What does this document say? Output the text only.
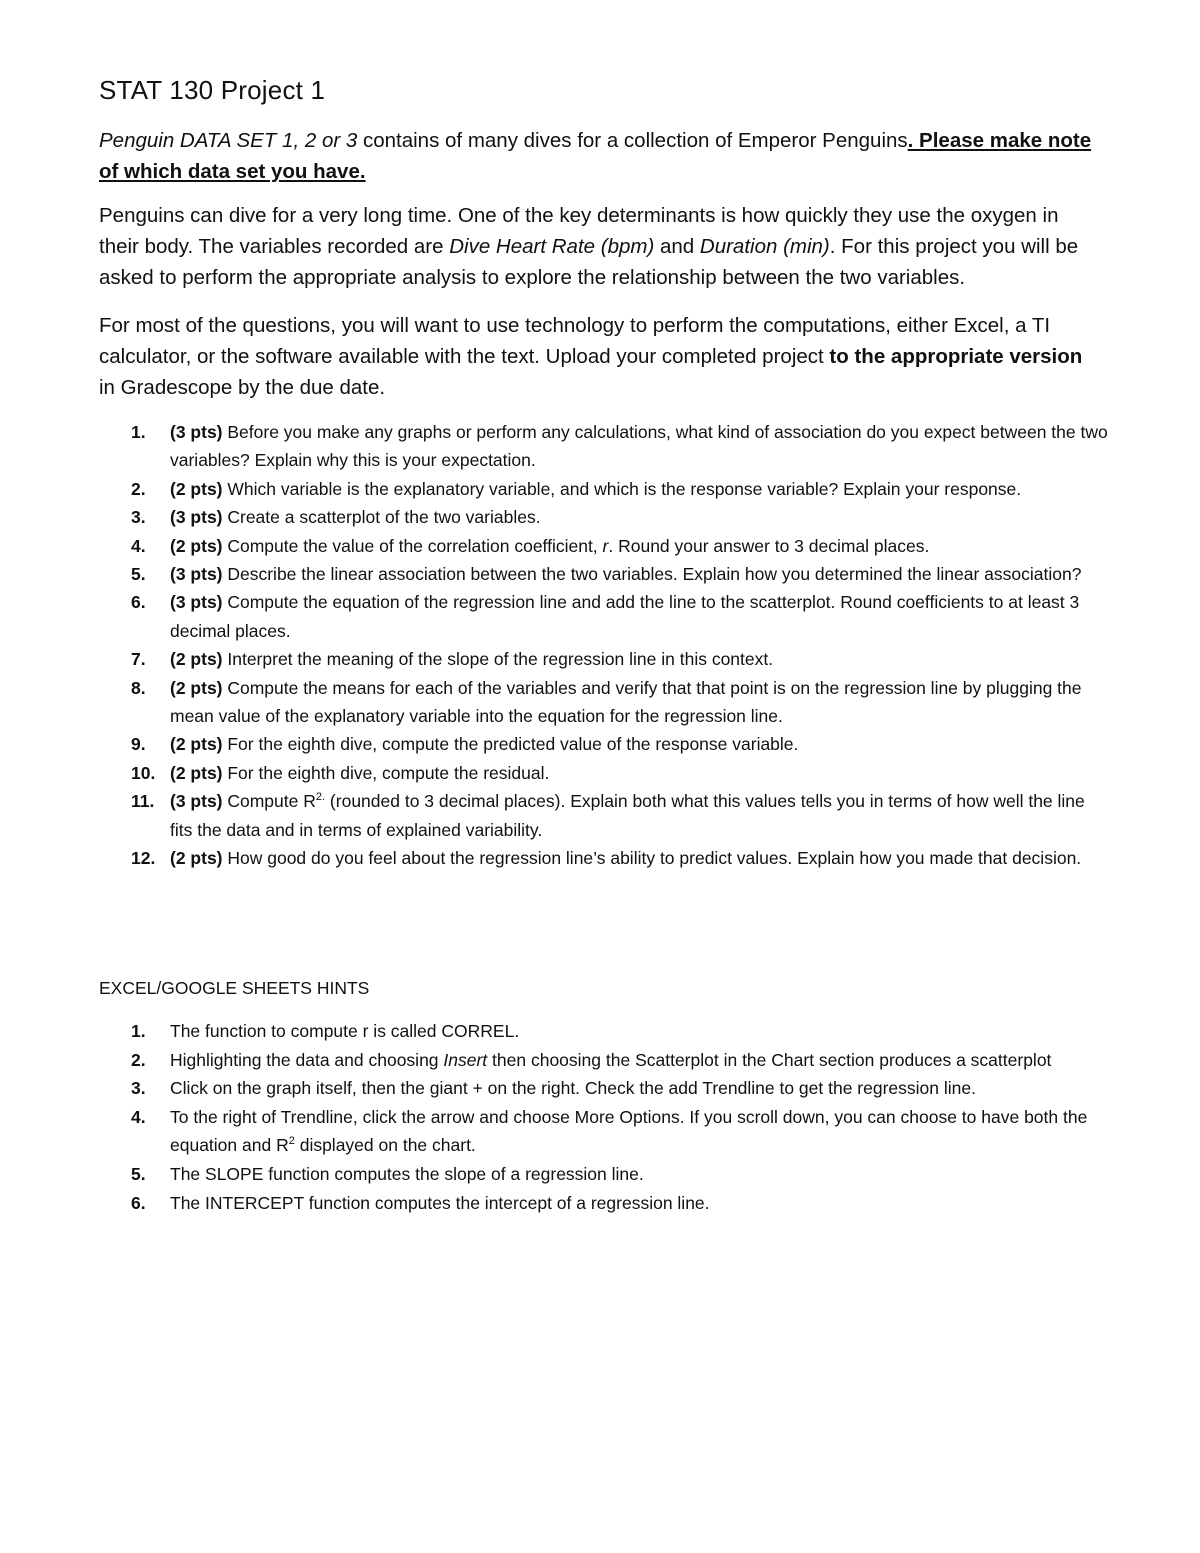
STAT 130 Project 1
Penguin DATA SET 1, 2 or 3 contains of many dives for a collection of Emperor Penguins. Please make note of which data set you have.
Penguins can dive for a very long time. One of the key determinants is how quickly they use the oxygen in their body. The variables recorded are Dive Heart Rate (bpm) and Duration (min). For this project you will be asked to perform the appropriate analysis to explore the relationship between the two variables.
For most of the questions, you will want to use technology to perform the computations, either Excel, a TI calculator, or the software available with the text. Upload your completed project to the appropriate version in Gradescope by the due date.
1.	(3 pts) Before you make any graphs or perform any calculations, what kind of association do you expect between the two variables? Explain why this is your expectation.
2.	(2 pts) Which variable is the explanatory variable, and which is the response variable? Explain your response.
3.	(3 pts) Create a scatterplot of the two variables.
4.	(2 pts) Compute the value of the correlation coefficient, r. Round your answer to 3 decimal places.
5.	(3 pts) Describe the linear association between the two variables. Explain how you determined the linear association?
6.	(3 pts) Compute the equation of the regression line and add the line to the scatterplot. Round coefficients to at least 3 decimal places.
7.	(2 pts) Interpret the meaning of the slope of the regression line in this context.
8.	(2 pts) Compute the means for each of the variables and verify that that point is on the regression line by plugging the mean value of the explanatory variable into the equation for the regression line.
9.	(2 pts) For the eighth dive, compute the predicted value of the response variable.
10. (2 pts) For the eighth dive, compute the residual.
11. (3 pts) Compute $R^{2.}$ (rounded to 3 decimal places). Explain both what this values tells you in terms of how well the line fits the data and in terms of explained variability.
12. (2 pts) How good do you feel about the regression line’s ability to predict values. Explain how you made that decision.
EXCEL/GOOGLE SHEETS HINTS
1. The function to compute r is called CORREL.
2. Highlighting the data and choosing Insert then choosing the Scatterplot in the Chart section produces a scatterplot
3. Click on the graph itself, then the giant + on the right. Check the add Trendline to get the regression line.
4. To the right of Trendline, click the arrow and choose More Options. If you scroll down, you can choose to have both the equation and $R^2$ displayed on the chart.
5. The SLOPE function computes the slope of a regression line.
6. The INTERCEPT function computes the intercept of a regression line.
